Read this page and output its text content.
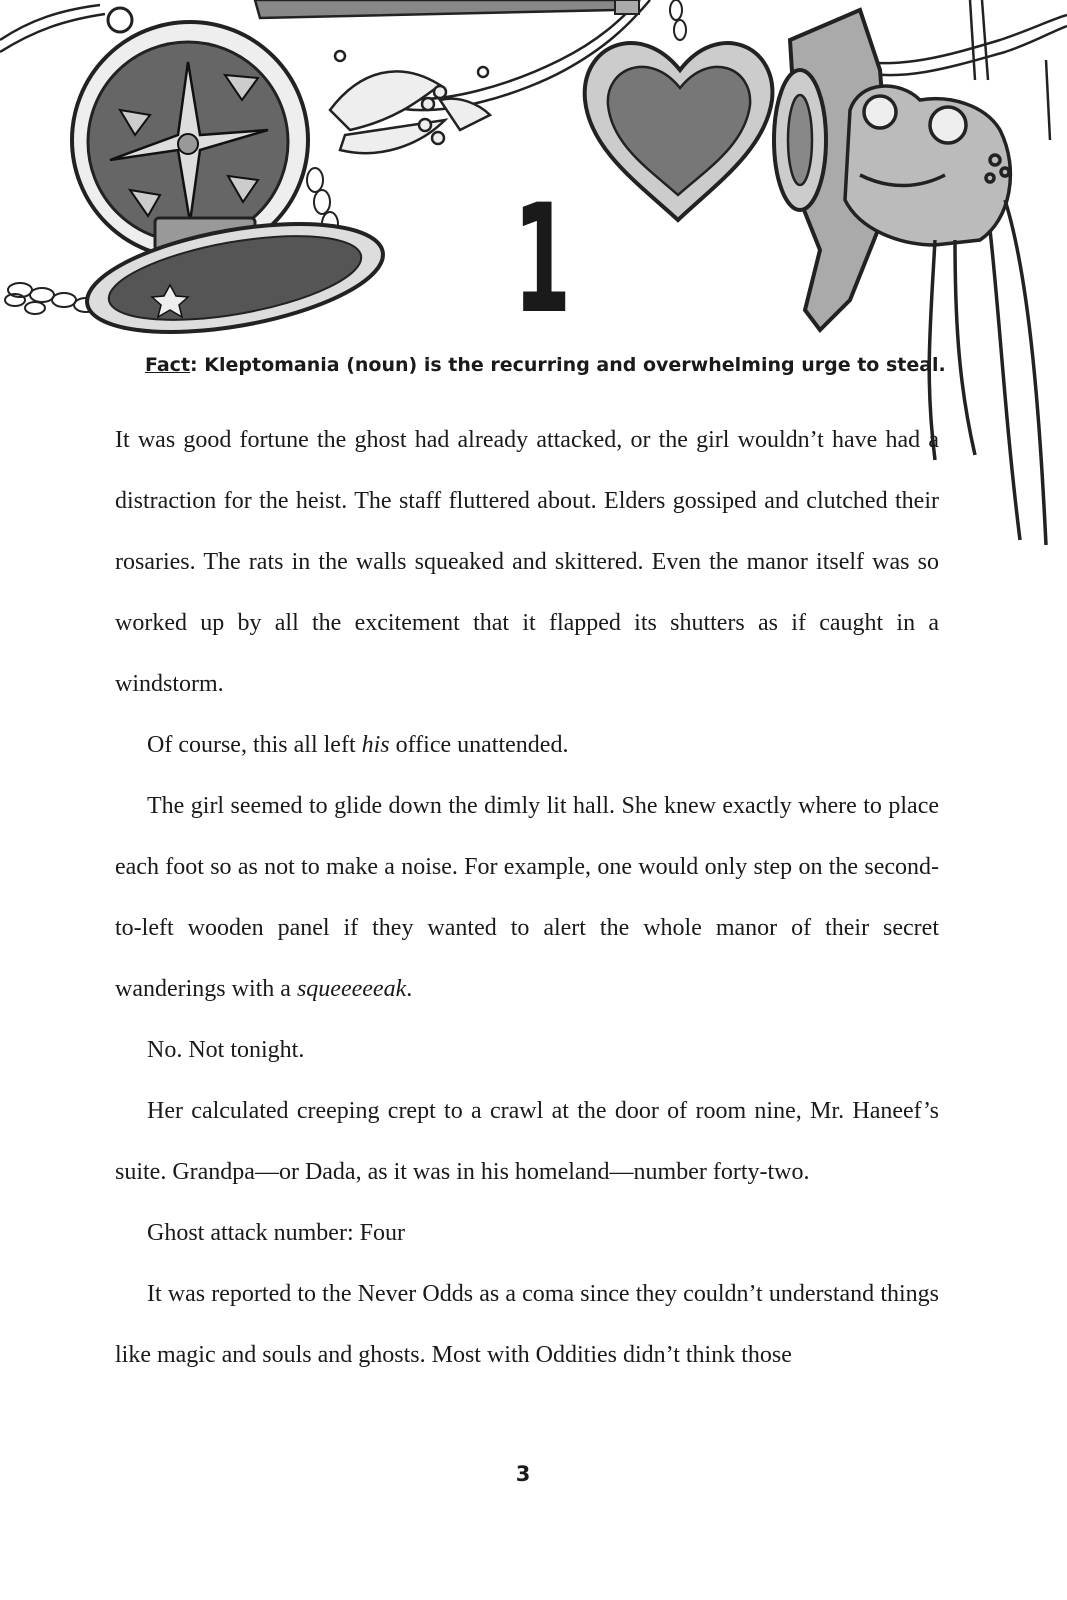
1
Fact: Kleptomania (noun) is the recurring and overwhelming urge to steal.

It was good fortune the ghost had already attacked, or the girl wouldn’t have had a distraction for the heist. The staff fluttered about. Elders gossiped and clutched their rosaries. The rats in the walls squeaked and skittered. Even the manor itself was so worked up by all the excitement that it flapped its shutters as if caught in a windstorm.

Of course, this all left his office unattended.

The girl seemed to glide down the dimly lit hall. She knew exactly where to place each foot so as not to make a noise. For example, one would only step on the second-to-left wooden panel if they wanted to alert the whole manor of their secret wanderings with a squeeeeeak.

No. Not tonight.

Her calculated creeping crept to a crawl at the door of room nine, Mr. Haneef’s suite. Grandpa—or Dada, as it was in his homeland—number forty-two.

Ghost attack number: Four

It was reported to the Never Odds as a coma since they couldn’t understand things like magic and souls and ghosts. Most with Oddities didn’t think those

3
